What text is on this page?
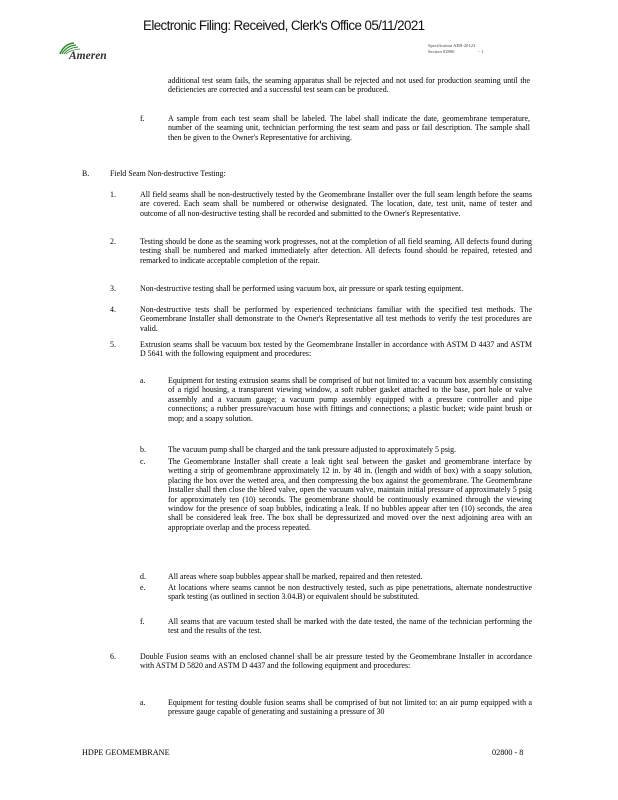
Electronic Filing: Received, Clerk's Office 05/11/2021
Ameren
Specification AER-20123
Section 02800	- 1
additional test seam fails, the seaming apparatus shall be rejected and not used for production seaming until the deficiencies are corrected and a successful test seam can be produced.
f.	A sample from each test seam shall be labeled. The label shall indicate the date, geomembrane temperature, number of the seaming unit, technician performing the test seam and pass or fail description. The sample shall then be given to the Owner's Representative for archiving.
B.	Field Seam Non-destructive Testing:
1.	All field seams shall be non-destructively tested by the Geomembrane Installer over the full seam length before the seams are covered. Each seam shall be numbered or otherwise designated. The location, date, test unit, name of tester and outcome of all non-destructive testing shall be recorded and submitted to the Owner's Representative.
2.	Testing should be done as the seaming work progresses, not at the completion of all field seaming. All defects found during testing shall be numbered and marked immediately after detection. All defects found should be repaired, retested and remarked to indicate acceptable completion of the repair.
3.	Non-destructive testing shall be performed using vacuum box, air pressure or spark testing equipment.
4.	Non-destructive tests shall be performed by experienced technicians familiar with the specified test methods. The Geomembrane Installer shall demonstrate to the Owner's Representative all test methods to verify the test procedures are valid.
5.	Extrusion seams shall be vacuum box tested by the Geomembrane Installer in accordance with ASTM D 4437 and ASTM D 5641 with the following equipment and procedures:
a.	Equipment for testing extrusion seams shall be comprised of but not limited to: a vacuum box assembly consisting of a rigid housing, a transparent viewing window, a soft rubber gasket attached to the base, port hole or valve assembly and a vacuum gauge; a vacuum pump assembly equipped with a pressure controller and pipe connections; a rubber pressure/vacuum hose with fittings and connections; a plastic bucket; wide paint brush or mop; and a soapy solution.
b.	The vacuum pump shall be charged and the tank pressure adjusted to approximately 5 psig.
c.	The Geomembrane Installer shall create a leak tight seal between the gasket and geomembrane interface by wetting a strip of geomembrane approximately 12 in. by 48 in. (length and width of box) with a soapy solution, placing the box over the wetted area, and then compressing the box against the geomembrane. The Geomembrane Installer shall then close the bleed valve, open the vacuum valve, maintain initial pressure of approximately 5 psig for approximately ten (10) seconds. The geomembrane should be continuously examined through the viewing window for the presence of soap bubbles, indicating a leak. If no bubbles appear after ten (10) seconds, the area shall be considered leak free. The box shall be depressurized and moved over the next adjoining area with an appropriate overlap and the process repeated.
d.	All areas where soap bubbles appear shall be marked, repaired and then retested.
e.	At locations where seams cannot be non destructively tested, such as pipe penetrations, alternate nondestructive spark testing (as outlined in section 3.04.B) or equivalent should be substituted.
f.	All seams that are vacuum tested shall be marked with the date tested, the name of the technician performing the test and the results of the test.
6.	Double Fusion seams with an enclosed channel shall be air pressure tested by the Geomembrane Installer in accordance with ASTM D 5820 and ASTM D 4437 and the following equipment and procedures:
a.	Equipment for testing double fusion seams shall be comprised of but not limited to: an air pump equipped with a pressure gauge capable of generating and sustaining a pressure of 30
HDPE GEOMEMBRANE	02800 - 8
